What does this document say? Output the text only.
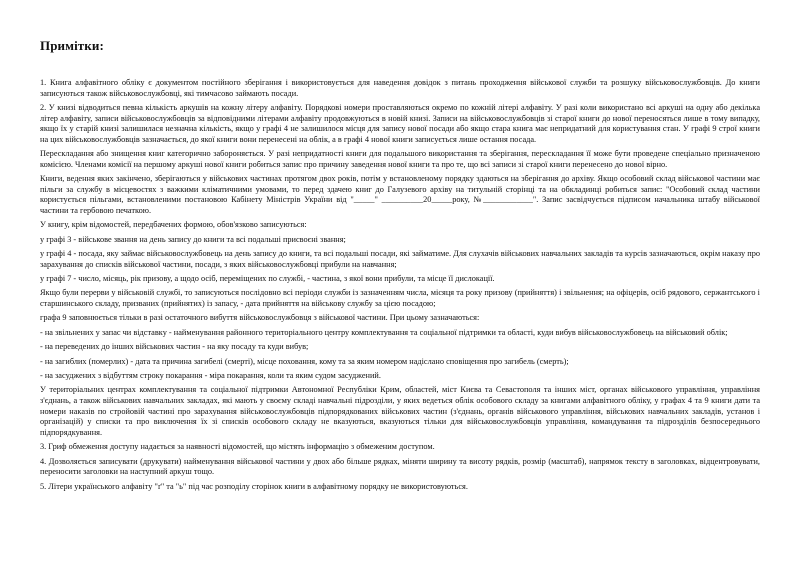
Примітки:

1. Книга алфавітного обліку є документом постійного зберігання і використовується для наведення довідок з питань проходження військової служби та розшуку військовослужбовців. До книги записуються також військовослужбовці, які тимчасово займають посади.

2. У книзі відводиться певна кількість аркушів на кожну літеру алфавіту. Порядкові номери проставляються окремо по кожній літері алфавіту. У разі коли використано всі аркуші на одну або декілька літер алфавіту, записи військовослужбовців за відповідними літерами алфавіту продовжуються в новій книзі. Записи на військовослужбовців зі старої книги до нової переносяться лише в тому випадку, якщо їх у старій книзі залишилася незначна кількість, якщо у графі 4 не залишилося місця для запису нової посади або якщо стара книга має непридатний для користування стан. У графі 9 строї книги на цих військовослужбовців зазначається, до якої книги вони перенесені на облік, а в графі 4 нової книги записується лише остання посада.

Перескладання або знищення книг категорично забороняється. У разі непридатності книги для подальшого використання та зберігання, перескладання її може бути проведене спеціально призначеною комісією. Членами комісії на першому аркуші нової книги робиться запис про причину заведення нової книги та про те, що всі записи зі старої книги перенесено до нової вірно.

Книги, ведення яких закінчено, зберігаються у військових частинах протягом двох років, потім у встановленому порядку здаються на зберігання до архіву. Якщо особовий склад військової частини має пільги за службу в місцевостях з важкими кліматичними умовами, то перед здачею книг до Галузевого архіву на титульній сторінці та на обкладинці робиться запис: "Особовий склад частини користується пільгами, встановленими постановою Кабінету Міністрів України від "_____" __________20_____року, №____________". Запис засвідчується підписом начальника штабу військової частини та гербовою печаткою.

У книгу, крім відомостей, передбачених формою, обов'язково записуються:

у графі 3 - військове звання на день запису до книги та всі подальші присвоєні звання;

у графі 4 - посада, яку займає військовослужбовець на день запису до книги, та всі подальші посади, які займатиме. Для слухачів військових навчальних закладів та курсів зазначаються, окрім наказу про зарахування до списків військової частини, посади, з яких військовослужбовці прибули на навчання;

у графі 7 - число, місяць, рік призову, а щодо осіб, переміщених по службі, - частина, з якої вони прибули, та місце її дислокації.

Якщо були перерви у військовій службі, то записуються послідовно всі періоди служби із зазначенням числа, місяця та року призову (прийняття) і звільнення; на офіцерів, осіб рядового, сержантського і старшинського складу, призваних (прийнятих) із запасу, - дата прийняття на військову службу за цією посадою;

графа 9 заповнюється тільки в разі остаточного вибуття військовослужбовця з військової частини. При цьому зазначаються:

- на звільнених у запас чи відставку - найменування районного територіального центру комплектування та соціальної підтримки та області, куди вибув військовослужбовець на військовий облік;

- на переведених до інших військових частин - на яку посаду та куди вибув;

- на загиблих (померлих) - дата та причина загибелі (смерті), місце поховання, кому та за яким номером надіслано сповіщення про загибель (смерть);

- на засуджених з відбуттям строку покарання - міра покарання, коли та яким судом засуджений.

У територіальних центрах комплектування та соціальної підтримки Автономної Республіки Крим, областей, міст Києва та Севастополя та інших міст, органах військового управління, управління з'єднань, а також військових навчальних закладах, які мають у своєму складі навчальні підрозділи, у яких ведеться облік особового складу за книгами алфавітного обліку, у графах 4 та 9 книги дати та номери наказів по стройовій частині про зарахування військовослужбовців підпорядкованих військових частин (з'єднань, органів військового управління, військових навчальних закладів, установ і організацій) у списки та про виключення їх зі списків особового складу не вказуються, вказуються тільки для військовослужбовців управління, командування та підрозділів безпосереднього підпорядкування.

3. Гриф обмеження доступу надається за наявності відомостей, що містять інформацію з обмеженим доступом.

4. Дозволяється записувати (друкувати) найменування військової частини у двох або більше рядках, міняти ширину та висоту рядків, розмір (масштаб), напрямок тексту в заголовках, відцентровувати, переносити заголовки на наступний аркуш тощо.

5. Літери українського алфавіту "ґ" та "ь" під час розподілу сторінок книги в алфавітному порядку не використовуються.
